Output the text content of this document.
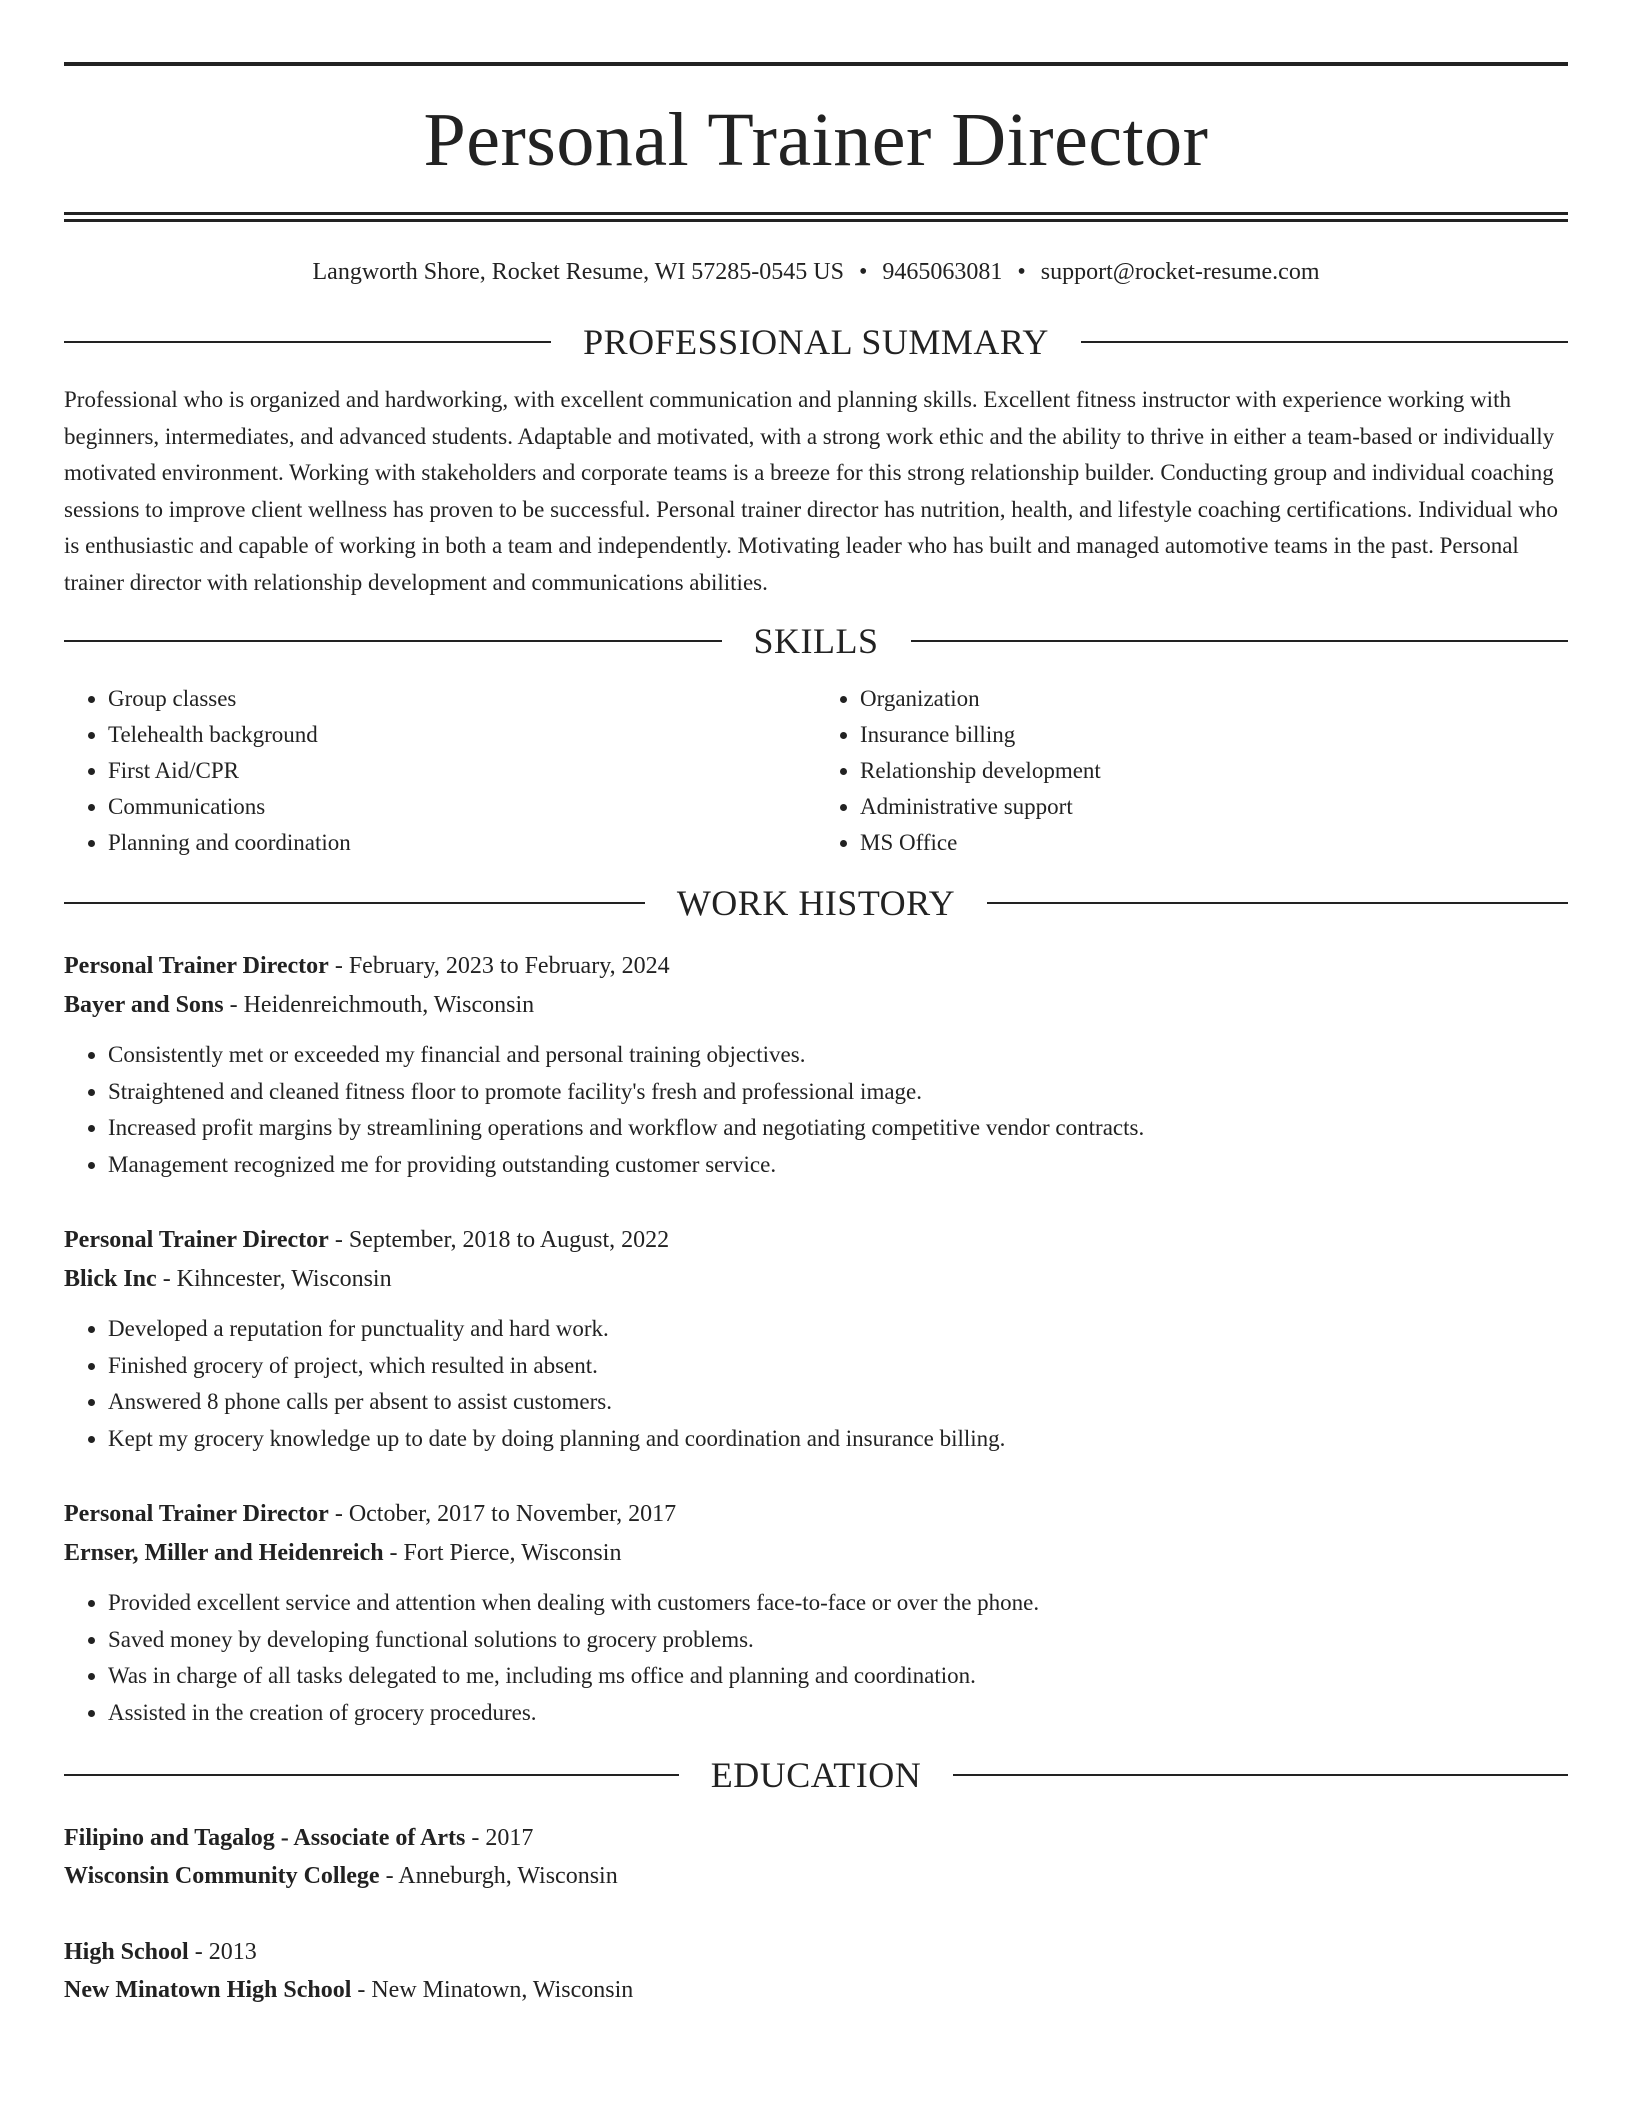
Personal Trainer Director
Langworth Shore, Rocket Resume, WI 57285-0545 US • 9465063081 • support@rocket-resume.com
PROFESSIONAL SUMMARY

Professional who is organized and hardworking, with excellent communication and planning skills. Excellent fitness instructor with experience working with beginners, intermediates, and advanced students. Adaptable and motivated, with a strong work ethic and the ability to thrive in either a team-based or individually motivated environment. Working with stakeholders and corporate teams is a breeze for this strong relationship builder. Conducting group and individual coaching sessions to improve client wellness has proven to be successful. Personal trainer director has nutrition, health, and lifestyle coaching certifications. Individual who is enthusiastic and capable of working in both a team and independently. Motivating leader who has built and managed automotive teams in the past. Personal trainer director with relationship development and communications abilities.

SKILLS
• Group classes
• Telehealth background
• First Aid/CPR
• Communications
• Planning and coordination
• Organization
• Insurance billing
• Relationship development
• Administrative support
• MS Office
WORK HISTORY
Personal Trainer Director - February, 2023 to February, 2024
Bayer and Sons - Heidenreichmouth, Wisconsin
• Consistently met or exceeded my financial and personal training objectives.
• Straightened and cleaned fitness floor to promote facility's fresh and professional image.
• Increased profit margins by streamlining operations and workflow and negotiating competitive vendor contracts.
• Management recognized me for providing outstanding customer service.
Personal Trainer Director - September, 2018 to August, 2022
Blick Inc - Kihncester, Wisconsin
• Developed a reputation for punctuality and hard work.
• Finished grocery of project, which resulted in absent.
• Answered 8 phone calls per absent to assist customers.
• Kept my grocery knowledge up to date by doing planning and coordination and insurance billing.
Personal Trainer Director - October, 2017 to November, 2017
Ernser, Miller and Heidenreich - Fort Pierce, Wisconsin
• Provided excellent service and attention when dealing with customers face-to-face or over the phone.
• Saved money by developing functional solutions to grocery problems.
• Was in charge of all tasks delegated to me, including ms office and planning and coordination.
• Assisted in the creation of grocery procedures.
EDUCATION
Filipino and Tagalog - Associate of Arts - 2017
Wisconsin Community College - Anneburgh, Wisconsin
High School - 2013
New Minatown High School - New Minatown, Wisconsin
